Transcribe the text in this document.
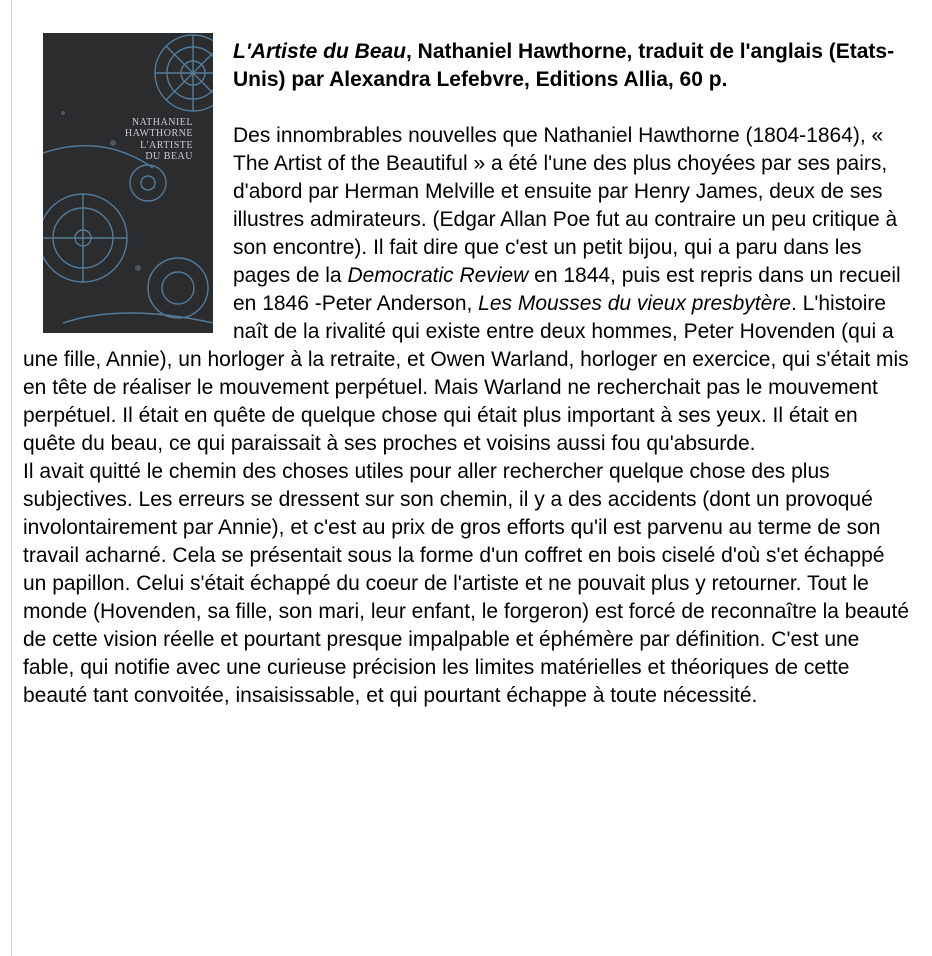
NATHANIEL
HAWTHORNE
L'ARTISTE
DU BEAU
L'Artiste du Beau, Nathaniel Hawthorne, traduit de l'anglais (Etats-Unis) par Alexandra Lefebvre, Editions Allia, 60 p.

Des innombrables nouvelles que Nathaniel Hawthorne (1804-1864), « The Artist of the Beautiful » a été l'une des plus choyées par ses pairs, d'abord par Herman Melville et ensuite par Henry James, deux de ses illustres admirateurs. (Edgar Allan Poe fut au contraire un peu critique à son encontre). Il fait dire que c'est un petit bijou, qui a paru dans les pages de la Democratic Review en 1844, puis est repris dans un recueil en 1846 -Peter Anderson, Les Mousses du vieux presbytère. L'histoire naît de la rivalité qui existe entre deux hommes, Peter Hovenden (qui a une fille, Annie), un horloger à la retraite, et Owen Warland, horloger en exercice, qui s'était mis en tête de réaliser le mouvement perpétuel. Mais Warland ne recherchait pas le mouvement perpétuel. Il était en quête de quelque chose qui était plus important à ses yeux. Il était en quête du beau, ce qui paraissait à ses proches et voisins aussi fou qu'absurde.

Il avait quitté le chemin des choses utiles pour aller rechercher quelque chose des plus subjectives. Les erreurs se dressent sur son chemin, il y a des accidents (dont un provoqué involontairement par Annie), et c'est au prix de gros efforts qu'il est parvenu au terme de son travail acharné. Cela se présentait sous la forme d'un coffret en bois ciselé d'où s'et échappé un papillon. Celui s'était échappé du coeur de l'artiste et ne pouvait plus y retourner. Tout le monde (Hovenden, sa fille, son mari, leur enfant, le forgeron) est forcé de reconnaître la beauté de cette vision réelle et pourtant presque impalpable et éphémère par définition. C'est une fable, qui notifie avec une curieuse précision les limites matérielles et théoriques de cette beauté tant convoitée, insaisissable, et qui pourtant échappe à toute nécessité.
